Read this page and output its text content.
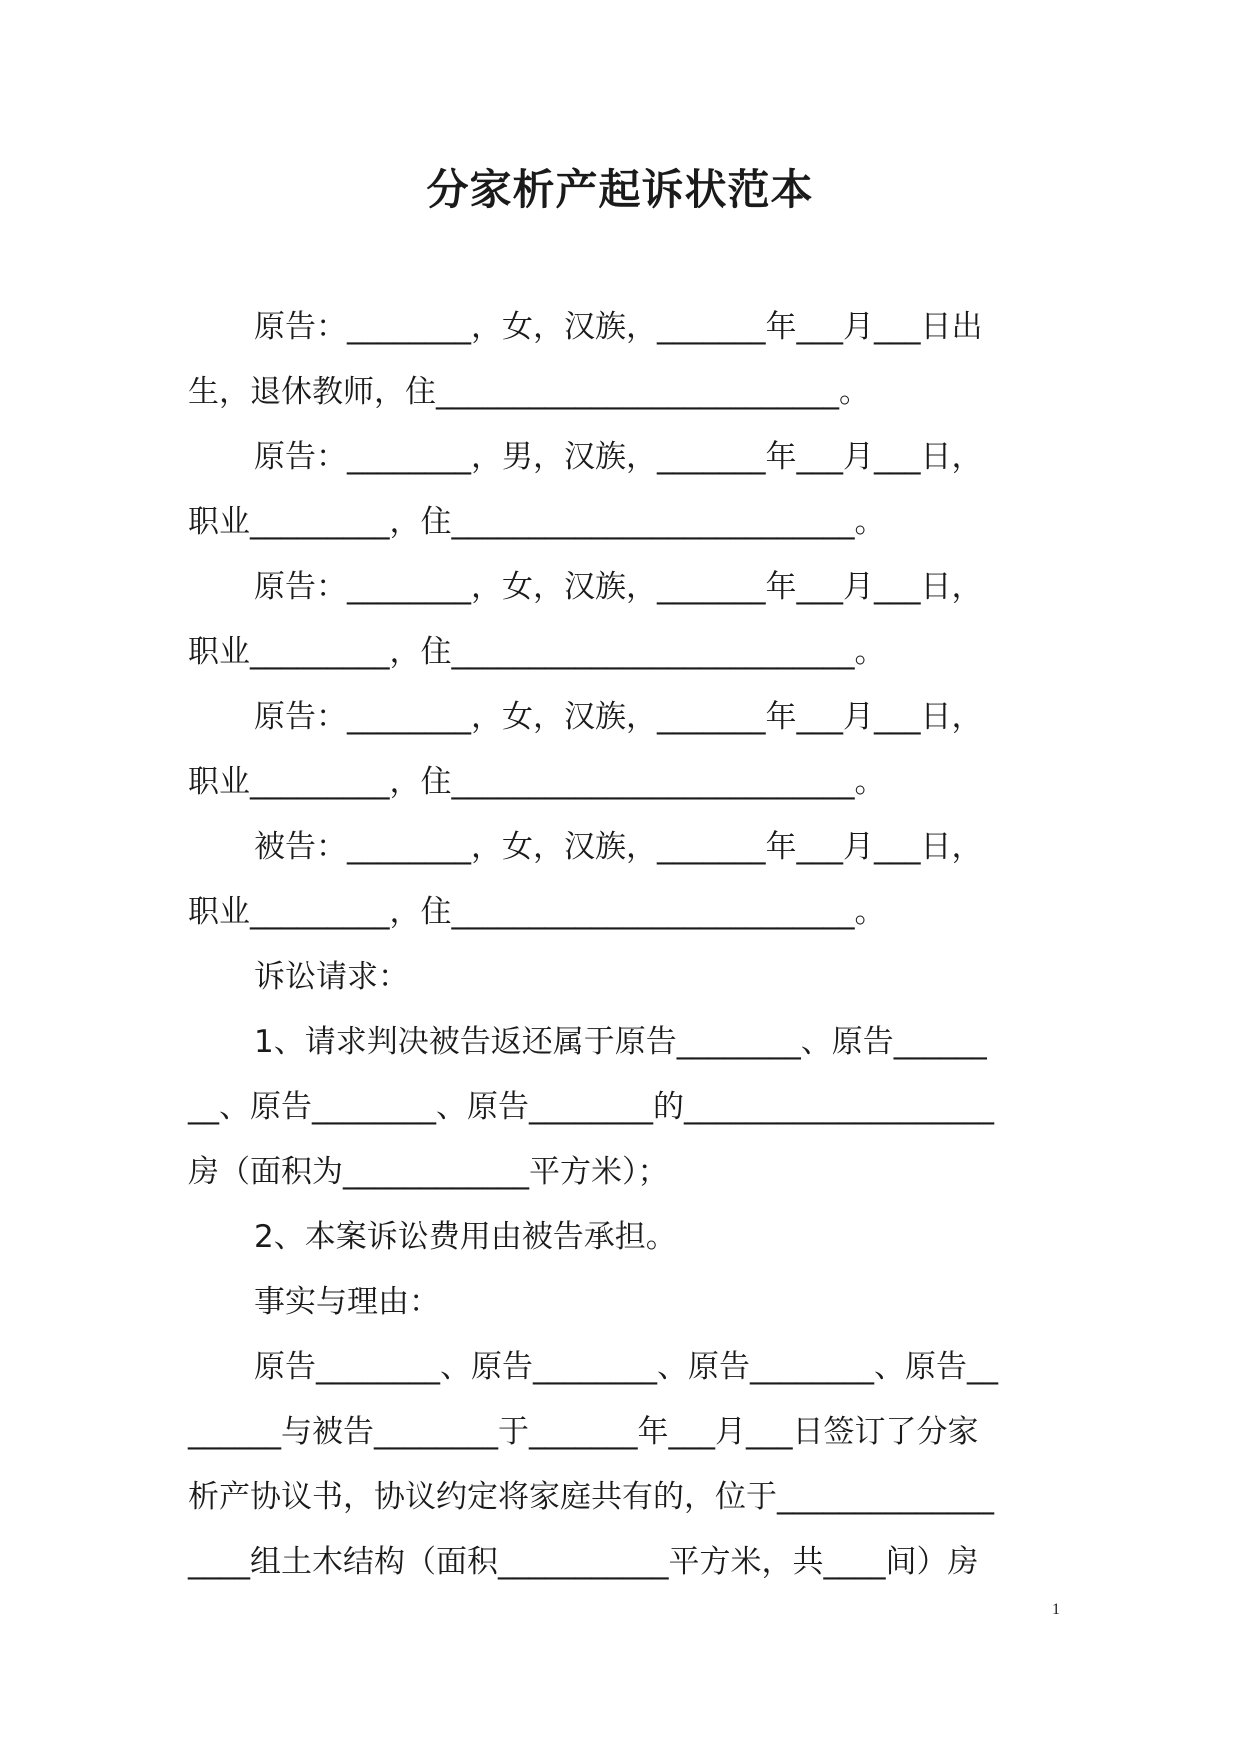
分家析产起诉状范本
原告：________，女，汉族，_______年___月___日出
生，退休教师，住__________________________。
原告：________，男，汉族，_______年___月___日，
职业_________，住__________________________。
原告：________，女，汉族，_______年___月___日，
职业_________，住__________________________。
原告：________，女，汉族，_______年___月___日，
职业_________，住__________________________。
被告：________，女，汉族，_______年___月___日，
职业_________，住__________________________。
诉讼请求：
1、请求判决被告返还属于原告________、原告______
__、原告________、原告________的____________________
房（面积为____________平方米）；
2、本案诉讼费用由被告承担。
事实与理由：
原告________、原告________、原告________、原告__
______与被告________于_______年___月___日签订了分家
析产协议书，协议约定将家庭共有的，位于______________
____组土木结构（面积___________平方米，共____间）房
1
